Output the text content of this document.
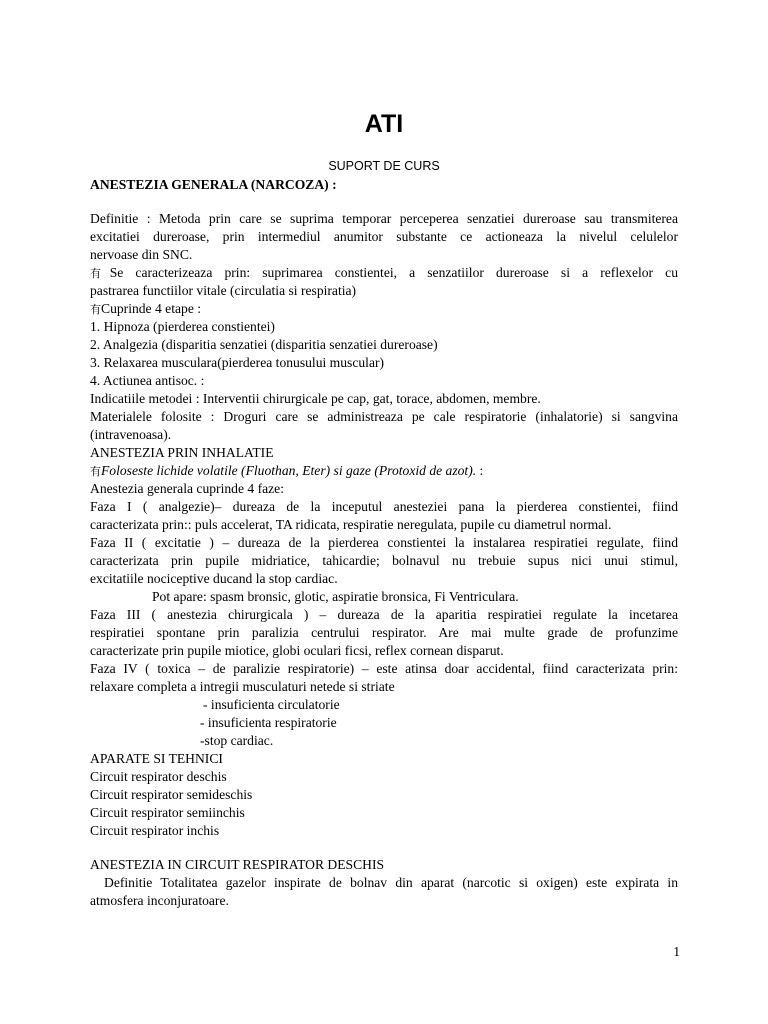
ATI
SUPORT DE CURS
ANESTEZIA GENERALA (NARCOZA) :
Definitie : Metoda prin care se suprima temporar perceperea senzatiei dureroase sau transmiterea
excitatiei dureroase, prin intermediul anumitor substante ce actioneaza la nivelul celulelor
nervoase din SNC.
有Se caracterizeaza prin: suprimarea constientei, a senzatiilor dureroase si a reflexelor cu
pastrarea functiilor vitale (circulatia si respiratia)
有Cuprinde 4 etape :
1. Hipnoza (pierderea constientei)
2. Analgezia (disparitia senzatiei (disparitia senzatiei dureroase)
3. Relaxarea musculara(pierderea tonusului muscular)
4. Actiunea antisoc. :
Indicatiile metodei : Interventii chirurgicale pe cap, gat, torace, abdomen, membre.
Materialele folosite : Droguri care se administreaza pe cale respiratorie (inhalatorie) si sangvina
(intravenoasa).
ANESTEZIA PRIN INHALATIE
有Foloseste lichide volatile (Fluothan, Eter) si gaze (Protoxid de azot). :
Anestezia generala cuprinde 4 faze:
Faza I ( analgezie)– dureaza de la inceputul anesteziei pana la pierderea constientei, fiind
caracterizata prin:: puls accelerat, TA ridicata, respiratie neregulata, pupile cu diametrul normal.
Faza II ( excitatie ) – dureaza de la pierderea constientei la instalarea respiratiei regulate, fiind
caracterizata prin pupile midriatice, tahicardie; bolnavul nu trebuie supus nici unui stimul,
excitatiile nociceptive ducand la stop cardiac.
Pot apare: spasm bronsic, glotic, aspiratie bronsica, Fi Ventriculara.
Faza III ( anestezia chirurgicala ) – dureaza de la aparitia respiratiei regulate la incetarea
respiratiei spontane prin paralizia centrului respirator. Are mai multe grade de profunzime
caracterizate prin pupile miotice, globi oculari ficsi, reflex cornean disparut.
Faza IV ( toxica – de paralizie respiratorie) – este atinsa doar accidental, fiind caracterizata prin:
relaxare completa a intregii musculaturi netede si striate
- insuficienta circulatorie
- insuficienta respiratorie
-stop cardiac.
APARATE SI TEHNICI
Circuit respirator deschis
Circuit respirator semideschis
Circuit respirator semiinchis
Circuit respirator inchis
ANESTEZIA IN CIRCUIT RESPIRATOR DESCHIS
Definitie Totalitatea gazelor inspirate de bolnav din aparat (narcotic si oxigen) este expirata in
atmosfera inconjuratoare.
1
